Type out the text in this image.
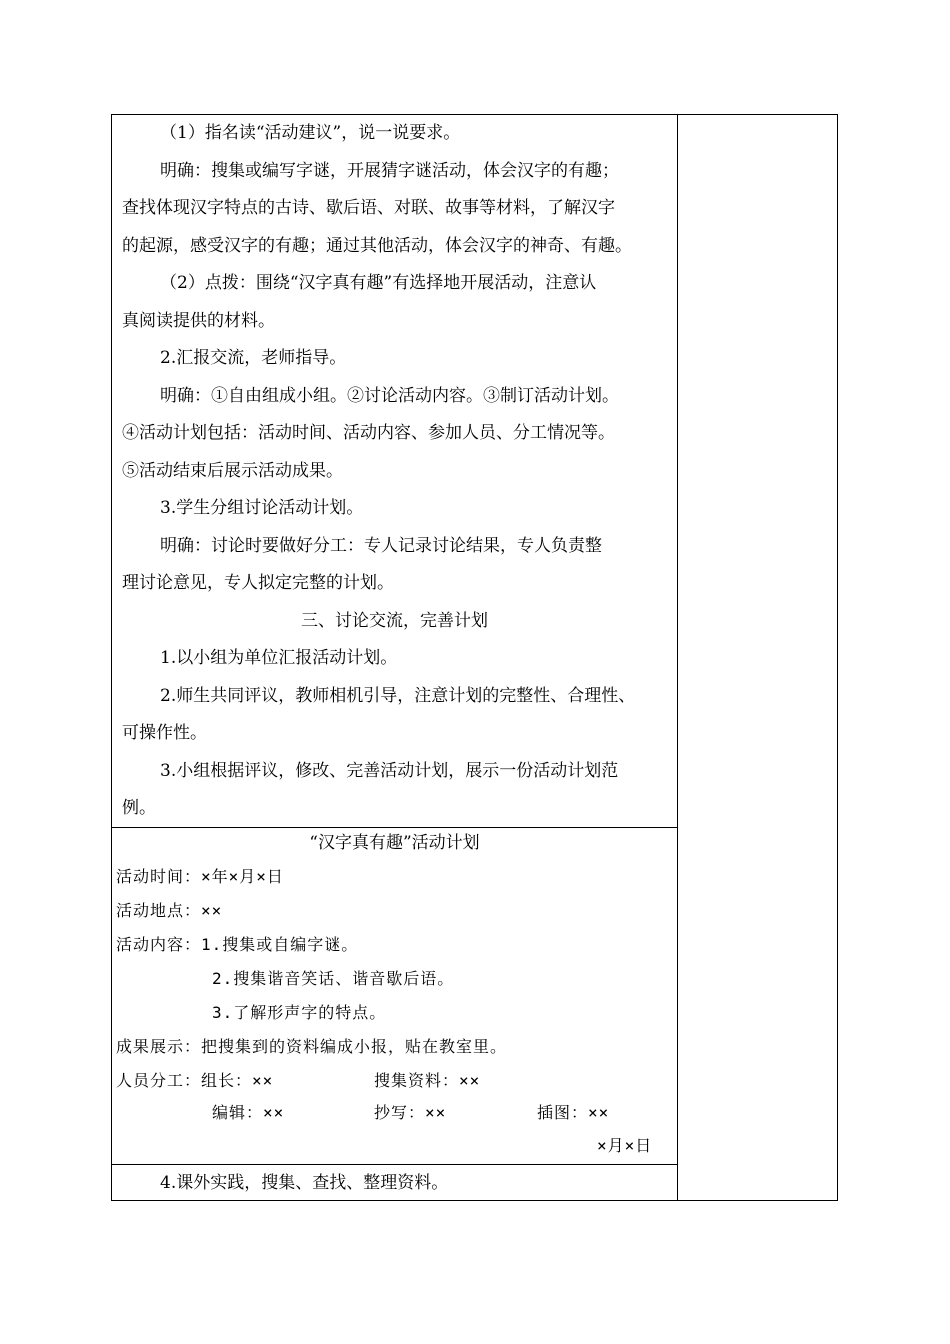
（1）指名读“活动建议”，说一说要求。
明确：搜集或编写字谜，开展猜字谜活动，体会汉字的有趣；
查找体现汉字特点的古诗、歇后语、对联、故事等材料，了解汉字
的起源，感受汉字的有趣；通过其他活动，体会汉字的神奇、有趣。
（2）点拨：围绕“汉字真有趣”有选择地开展活动，注意认
真阅读提供的材料。
2.汇报交流，老师指导。
明确：①自由组成小组。②讨论活动内容。③制订活动计划。
④活动计划包括：活动时间、活动内容、参加人员、分工情况等。
⑤活动结束后展示活动成果。
3.学生分组讨论活动计划。
明确：讨论时要做好分工：专人记录讨论结果，专人负责整
理讨论意见，专人拟定完整的计划。
三、讨论交流，完善计划
1.以小组为单位汇报活动计划。
2.师生共同评议，教师相机引导，注意计划的完整性、合理性、
可操作性。
3.小组根据评议，修改、完善活动计划，展示一份活动计划范
例。
“汉字真有趣”活动计划
活动时间：×年×月×日
活动地点：××
活动内容：1.搜集或自编字谜。
2.搜集谐音笑话、谐音歇后语。
3.了解形声字的特点。
成果展示：把搜集到的资料编成小报，贴在教室里。
人员分工：组长：××	搜集资料：××
编辑：××	抄写：××	插图：××
×月×日
4.课外实践，搜集、查找、整理资料。
